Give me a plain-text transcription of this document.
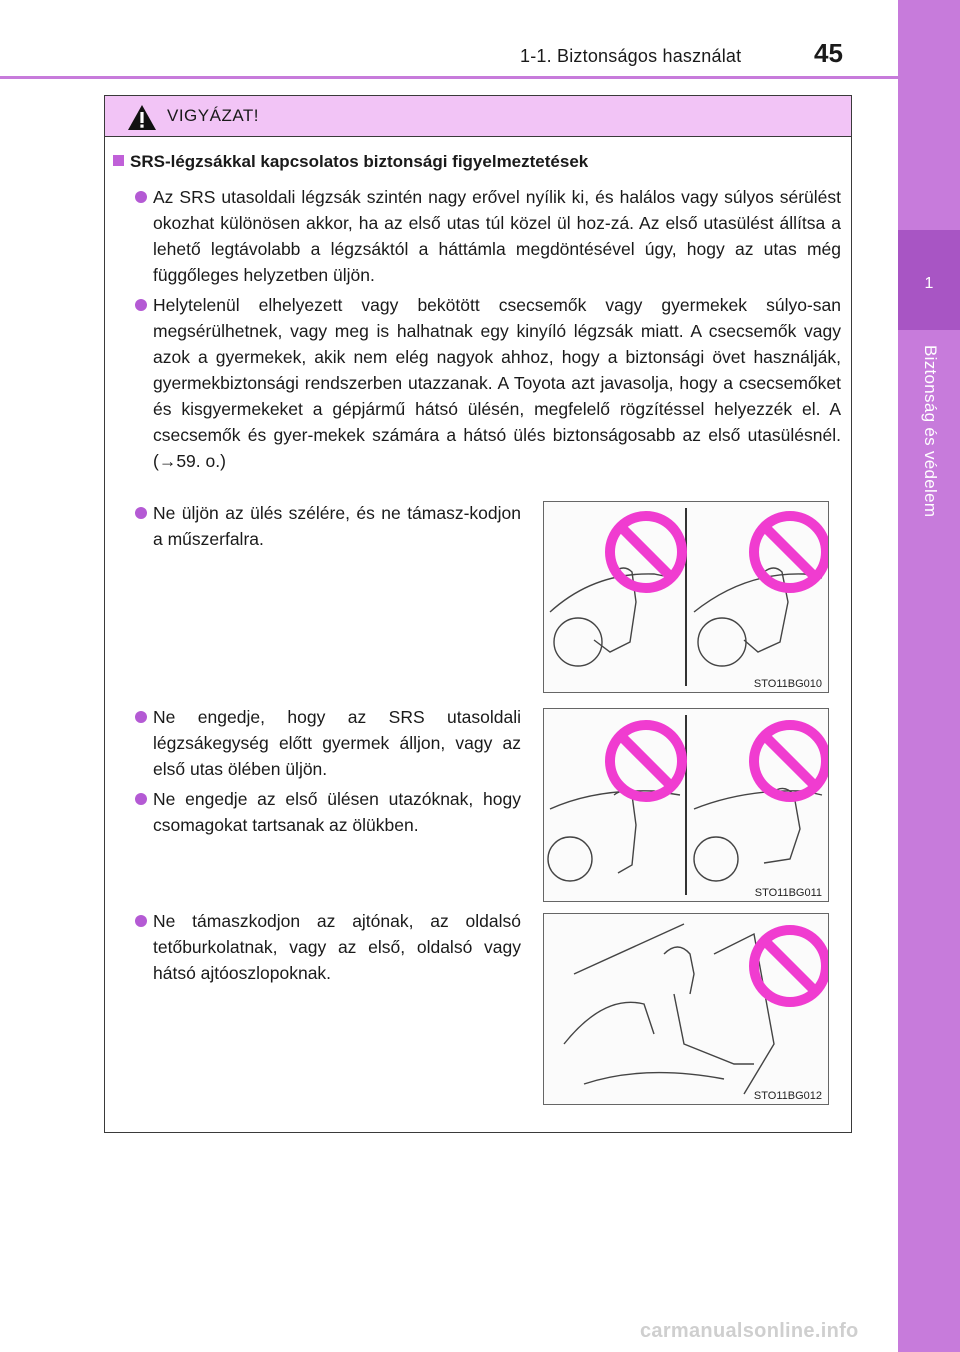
1-1. Biztonságos használat	45
1
Biztonság és védelem
VIGYÁZAT!
SRS-légzsákkal kapcsolatos biztonsági figyelmeztetések
Az SRS utasoldali légzsák szintén nagy erővel nyílik ki, és halálos vagy súlyos sérülést okozhat különösen akkor, ha az első utas túl közel ül hoz-zá. Az első utasülést állítsa a lehető legtávolabb a légzsáktól a háttámla megdöntésével úgy, hogy az utas még függőleges helyzetben üljön.
Helytelenül elhelyezett vagy bekötött csecsemők vagy gyermekek súlyo-san megsérülhetnek, vagy meg is halhatnak egy kinyíló légzsák miatt. A csecsemők vagy azok a gyermekek, akik nem elég nagyok ahhoz, hogy a biztonsági övet használják, gyermekbiztonsági rendszerben utazzanak. A Toyota azt javasolja, hogy a csecsemőket és kisgyermekeket a gépjármű hátsó ülésén, megfelelő rögzítéssel helyezzék el. A csecsemők és gyer-mekek számára a hátsó ülés biztonságosabb az első utasülésnél. (→59. o.)
Ne üljön az ülés szélére, és ne támasz-kodjon a műszerfalra.
Ne engedje, hogy az SRS utasoldali légzsákegység előtt gyermek álljon, vagy az első utas ölében üljön.
Ne engedje az első ülésen utazóknak, hogy csomagokat tartsanak az ölükben.
Ne támaszkodjon az ajtónak, az oldalsó tetőburkolatnak, vagy az első, oldalsó vagy hátsó ajtóoszlopoknak.
STO11BG010
STO11BG011
STO11BG012
carmanualsonline.info
